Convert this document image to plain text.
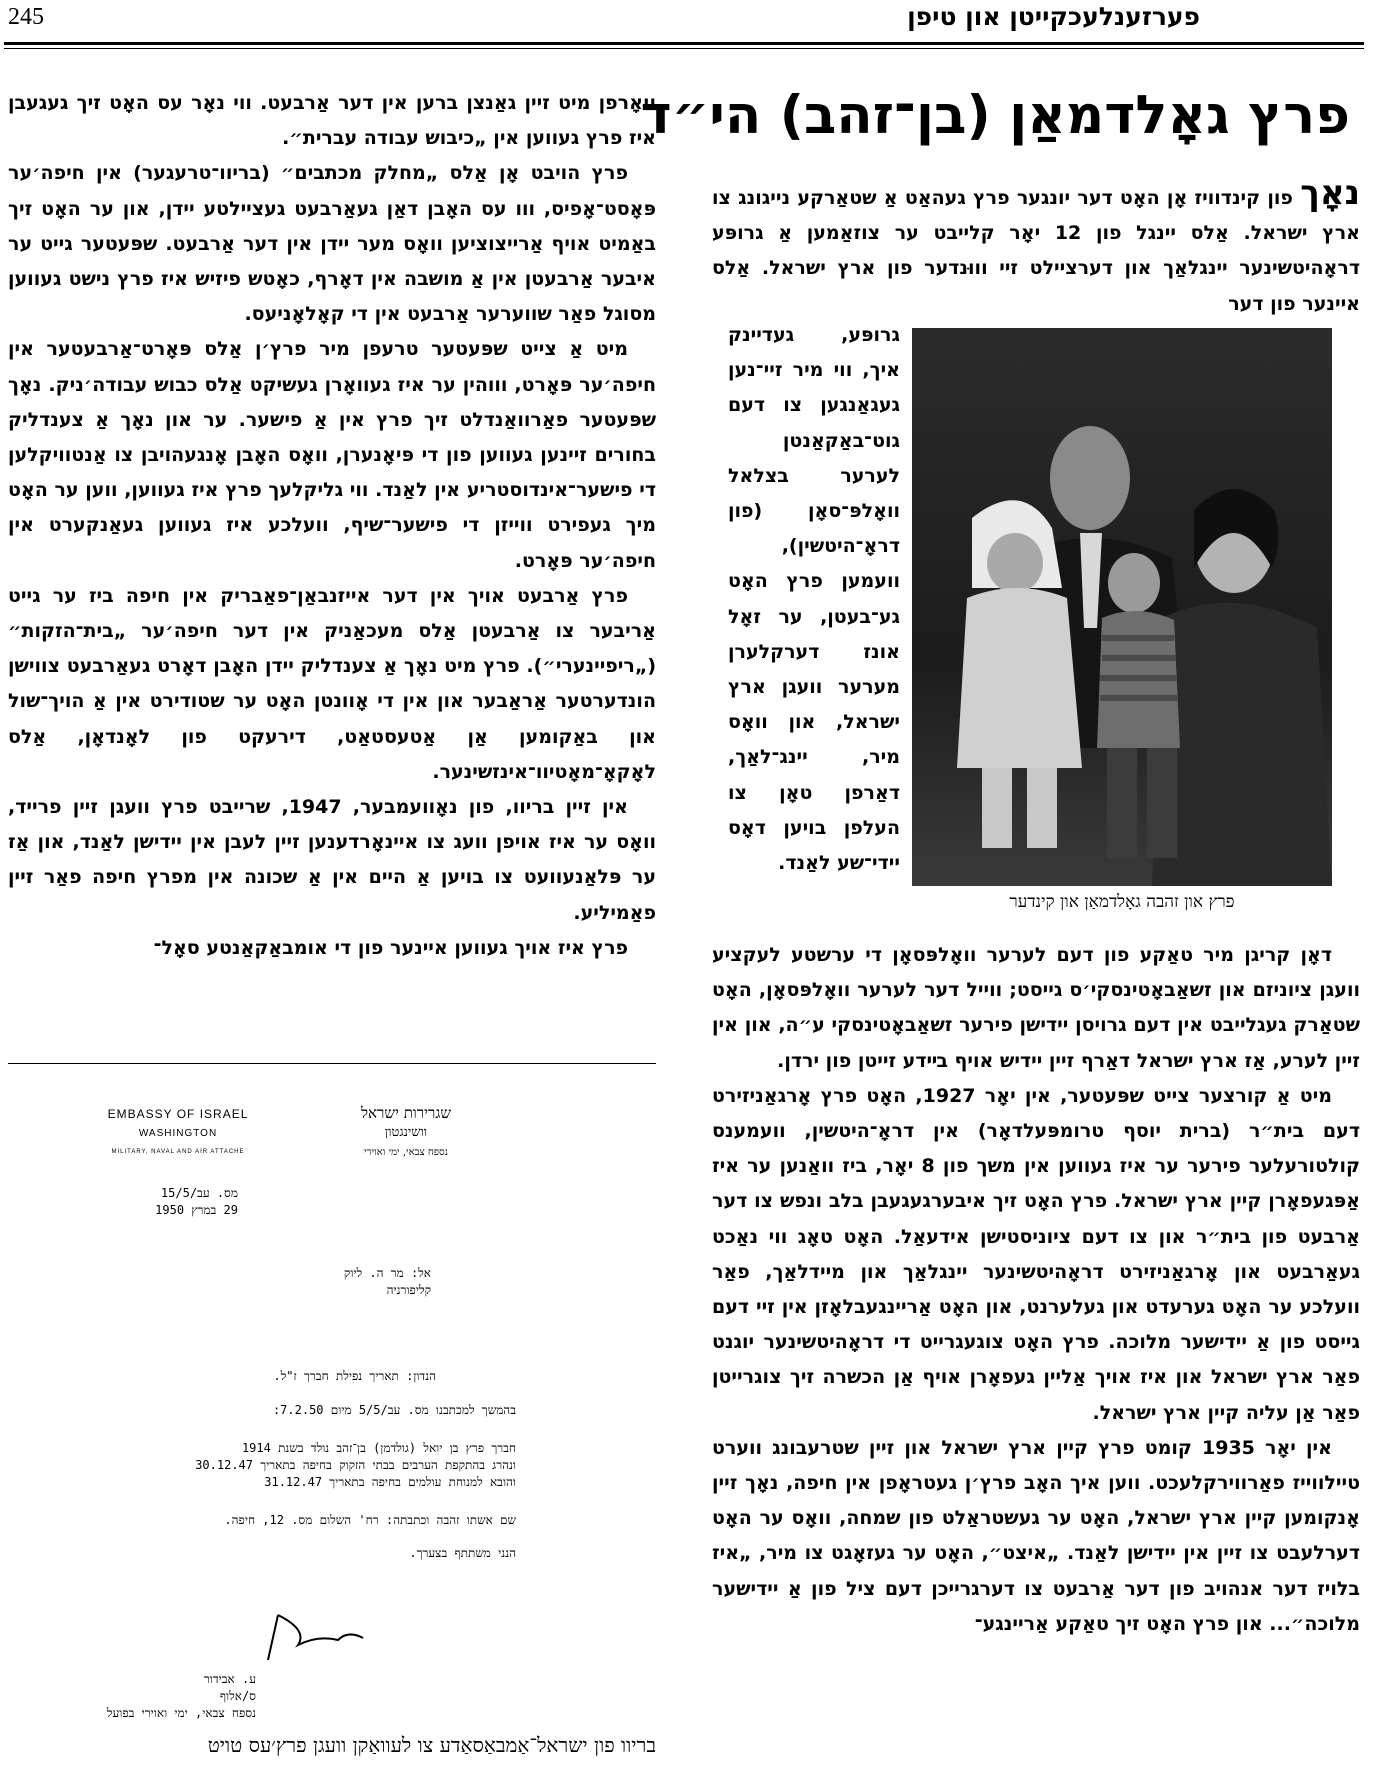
245	פערזענלעכקייטן און טיפן
פרץ גאָלדמאַן (בן־זהב) הי״ד

נאָך פון קינדוויז אָן האָט דער יונגער פרץ געהאַט אַ שטאַרקע נייגונג צו ארץ ישראל. אַלס יינגל פון 12 יאָר קלייבט ער צוזאַמען אַ גרופּע דראָהיטשינער יינגלאַך און דערציילט זיי וווּנדער פון ארץ ישראל. אַלס איינער פון דער

גרופּע, געדיינק איך, ווי מיר זיי־נען געגאַנגען צו דעם גוט־באַקאַנטן לערער בצלאל וואָלפּ־סאָן (פון דראָ־היטשין), וועמען פרץ האָט גע־בעטן, ער זאָל אונז דערקלערן מערער וועגן ארץ ישראל, און וואָס מיר, יינג־לאַך, דאַרפן טאָן צו העלפן בויען דאָס יידי־שע לאַנד.
פרץ און זהבה גאָלדמאַן און קינדער

דאָן קריגן מיר טאַקע פון דעם לערער וואָלפּסאָן די ערשטע לעקציע וועגן ציוניזם און זשאַבאָטינסקי׳ס גייסט; ווייל דער לערער וואָלפּסאָן, האָט שטאַרק געגלייבט אין דעם גרויסן יידישן פירער זשאַבאָטינסקי ע״ה, און אין זיין לערע, אַז ארץ ישראל דאַרף זיין יידיש אויף בײדע זייטן פון ירדן.

מיט אַ קורצער צייט שפּעטער, אין יאָר 1927, האָט פרץ אָרגאַניזירט דעם בית״ר (ברית יוסף טרומפּעלדאָר) אין דראָ־היטשין, וועמענס קולטורעלער פירער ער איז געווען אין משך פון 8 יאָר, ביז וואַנען ער איז אַפּגעפאָרן קיין ארץ ישראל. פרץ האָט זיך איבערגעגעבן בלב ונפש צו דער אַרבעט פון בית״ר און צו דעם ציוניסטישן אידעאַל. האָט טאָג ווי נאַכט געאַרבעט און אָרגאַניזירט דראָהיטשינער יינגלאַך און מיידלאַך, פאַר וועלכע ער האָט גערעדט און געלערנט, און האָט אַריינגעבלאָזן אין זיי דעם גייסט פון אַ יידישער מלוכה. פרץ האָט צוגעגרייט די דראָהיטשינער יוגנט פאַר ארץ ישראל און איז אויך אַליין געפאָרן אויף אַן הכשרה זיך צוגרייטן פאַר אַן עליה קיין ארץ ישראל.

אין יאָר 1935 קומט פרץ קיין ארץ ישראל און זיין שטרעבונג ווערט טיילווייז פאַרווירקלעכט. ווען איך האָב פרץ׳ן געטראָפן אין חיפה, נאָך זיין אָנקומען קיין ארץ ישראל, האָט ער געשטראַלט פון שמחה, וואָס ער האָט דערלעבט צו זיין אין יידישן לאַנד. „איצט״, האָט ער געזאָגט צו מיר, „איז בלויז דער אנהויב פון דער אַרבעט צו דערגרייכן דעם ציל פון אַ יידישער מלוכה״... און פרץ האָט זיך טאַקע אַריינגע־

וואָרפן מיט זיין גאַנצן ברען אין דער אַרבעט. ווי נאָר עס האָט זיך געגעבן איז פרץ געווען אין „כיבוש עבודה עברית״.

פרץ הויבט אָן אַלס „מחלק מכתבים״ (בריוו־טרעגער) אין חיפה׳ער פּאָסט־אָפיס, ווו עס האָבן דאַן געאַרבעט געציילטע יידן, און ער האָט זיך באַמיט אויף אַרייצוציען וואָס מער יידן אין דער אַרבעט. שפּעטער גייט ער איבער אַרבעטן אין אַ מושבה אין דאָרף, כאָטש פיזיש איז פרץ נישט געווען מסוגל פאַר שווערער אַרבעט אין די קאָלאָניעס.

מיט אַ צייט שפּעטער טרעפן מיר פרץ׳ן אַלס פּאָרט־אַרבעטער אין חיפה׳ער פּאָרט, וווהין ער איז געוואָרן געשיקט אַלס כבוש עבודה׳ניק. נאָך שפּעטער פאַרוואַנדלט זיך פרץ אין אַ פישער. ער און נאָך אַ צענדליק בחורים זיינען געווען פון די פּיאָנערן, וואָס האָבן אָנגעהויבן צו אַנטוויקלען די פישער־אינדוסטריע אין לאַנד. ווי גליקלעך פרץ איז געווען, ווען ער האָט מיך געפירט ווייזן די פישער־שיף, וועלכע איז געווען געאַנקערט אין חיפה׳ער פּאָרט.

פרץ אַרבעט אויך אין דער אייזנבאַן־פאַבריק אין חיפה ביז ער גייט אַריבער צו אַרבעטן אַלס מעכאַניק אין דער חיפה׳ער „בית־הזקות״ („ריפיינערי״). פרץ מיט נאָך אַ צענדליק יידן האָבן דאָרט געאַרבעט צווישן הונדערטער אַראַבער און אין די אָוונטן האָט ער שטודירט אין אַ הויך־שול און באַקומען אַן אַטעסטאַט, דירעקט פון לאָנדאָן, אַלס לאָקאָ־מאָטיוו־אינזשינער.

אין זיין בריוו, פון נאָוועמבער, 1947, שרייבט פרץ וועגן זיין פרייד, וואָס ער איז אויפן וועג צו איינאָרדענען זיין לעבן אין יידישן לאַנד, און אַז ער פּלאַנעוועט צו בויען אַ היים אין אַ שכונה אין מפרץ חיפה פאַר זיין פאַמיליע.

פרץ איז אויך געווען איינער פון די אומבאַקאַנטע סאָל־

EMBASSY OF ISRAEL
WASHINGTON
MILITARY, NAVAL AND AIR ATTACHE
שגרירות ישראל
וושינגטון
נספח צבאי, ימי ואוירי
מס. עב/15/5
29 במרץ 1950
אל: מר ה. ליוק
קליפורניה
הנדון: תאריך נפילת חברך ז"ל.
בהמשך למכתבנו מס. עב/5/5 מיום 7.2.50:
חברך פרץ בן יואל (גולדמן) בן־זהב נולד בשנת 1914
ונהרג בהתקפת הערבים בבתי הזקוק בחיפה בתאריך 30.12.47
והובא למנוחת עולמים בחיפה בתאריך 31.12.47
שם אשתו זהבה וכתבתה: רח' השלום מס. 12, חיפה.
הנני משתתף בצערך.
ע. אבידור
ס/אלוף
נספח צבאי, ימי ואוירי בפועל
בריוו פון ישראל־אַמבאַסאַדע צו לעוואַקן וועגן פרץ׳עס טויט
